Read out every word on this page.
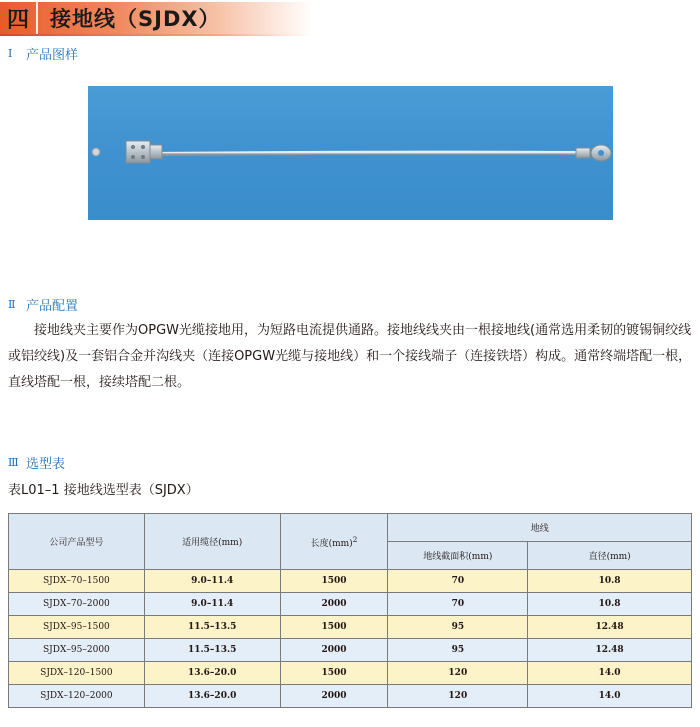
四	接地线（SJDX）
Ⅰ	产品图样
Ⅱ 产品配置

接地线夹主要作为OPGW光缆接地用，为短路电流提供通路。接地线线夹由一根接地线(通常选用柔韧的镀锡铜绞线或铝绞线)及一套铝合金并沟线夹（连接OPGW光缆与接地线）和一个接线端子（连接铁塔）构成。通常终端塔配一根，直线塔配一根，接续塔配二根。

Ⅲ 选型表
表L01–1 接地线选型表（SJDX）
公司产品型号	适用缆径(mm)	长度(mm)$^2$	地线	
			地线截面积(mm)	直径(mm)
SJDX–70–1500	9.0–11.4	1500	70	10.8
SJDX–70–2000	9.0–11.4	2000	70	10.8
SJDX–95–1500	11.5–13.5	1500	95	12.48
SJDX–95–2000	11.5–13.5	2000	95	12.48
SJDX–120–1500	13.6–20.0	1500	120	14.0
SJDX–120–2000	13.6–20.0	2000	120	14.0
